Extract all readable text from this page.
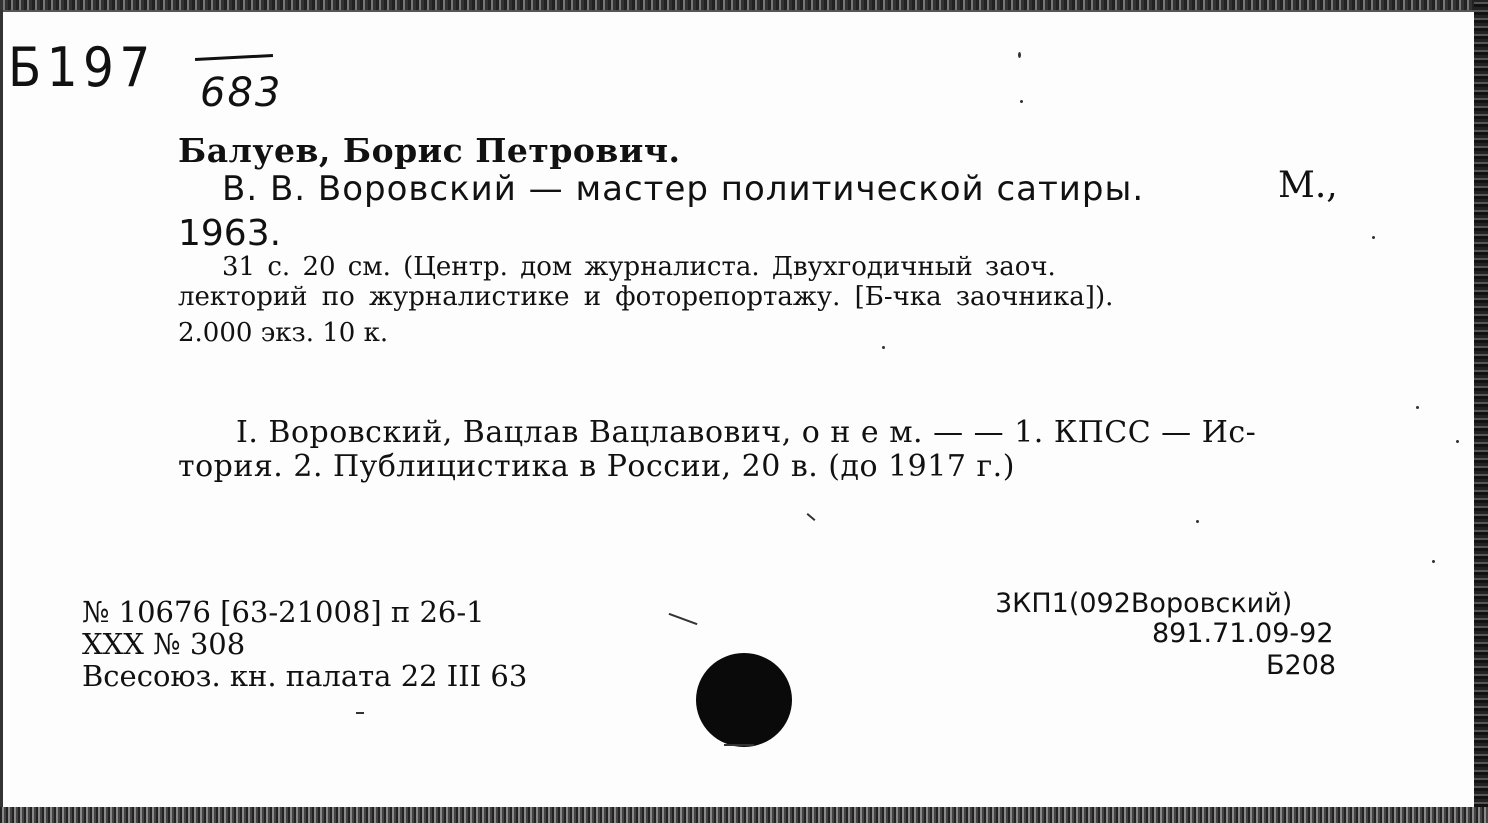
Б197 683
Балуев, Борис Петрович.
В. В. Воровский — мастер политической сатиры.	М.,
1963.
31 с. 20 см. (Центр. дом журналиста. Двухгодичный заоч.
лекторий по журналистике и фоторепортажу. [Б-чка заочника]).
2.000 экз. 10 к.
I. Воровский, Вацлав Вацлавович, о н е м. — — 1. КПСС — Ис-
тория. 2. Публицистика в России, 20 в. (до 1917 г.)
№ 10676 [63-21008] п 26-1
ХХХ № 308
Всесоюз. кн. палата 22 III 63
3КП1(092Воровский)
891.71.09-92
Б208
